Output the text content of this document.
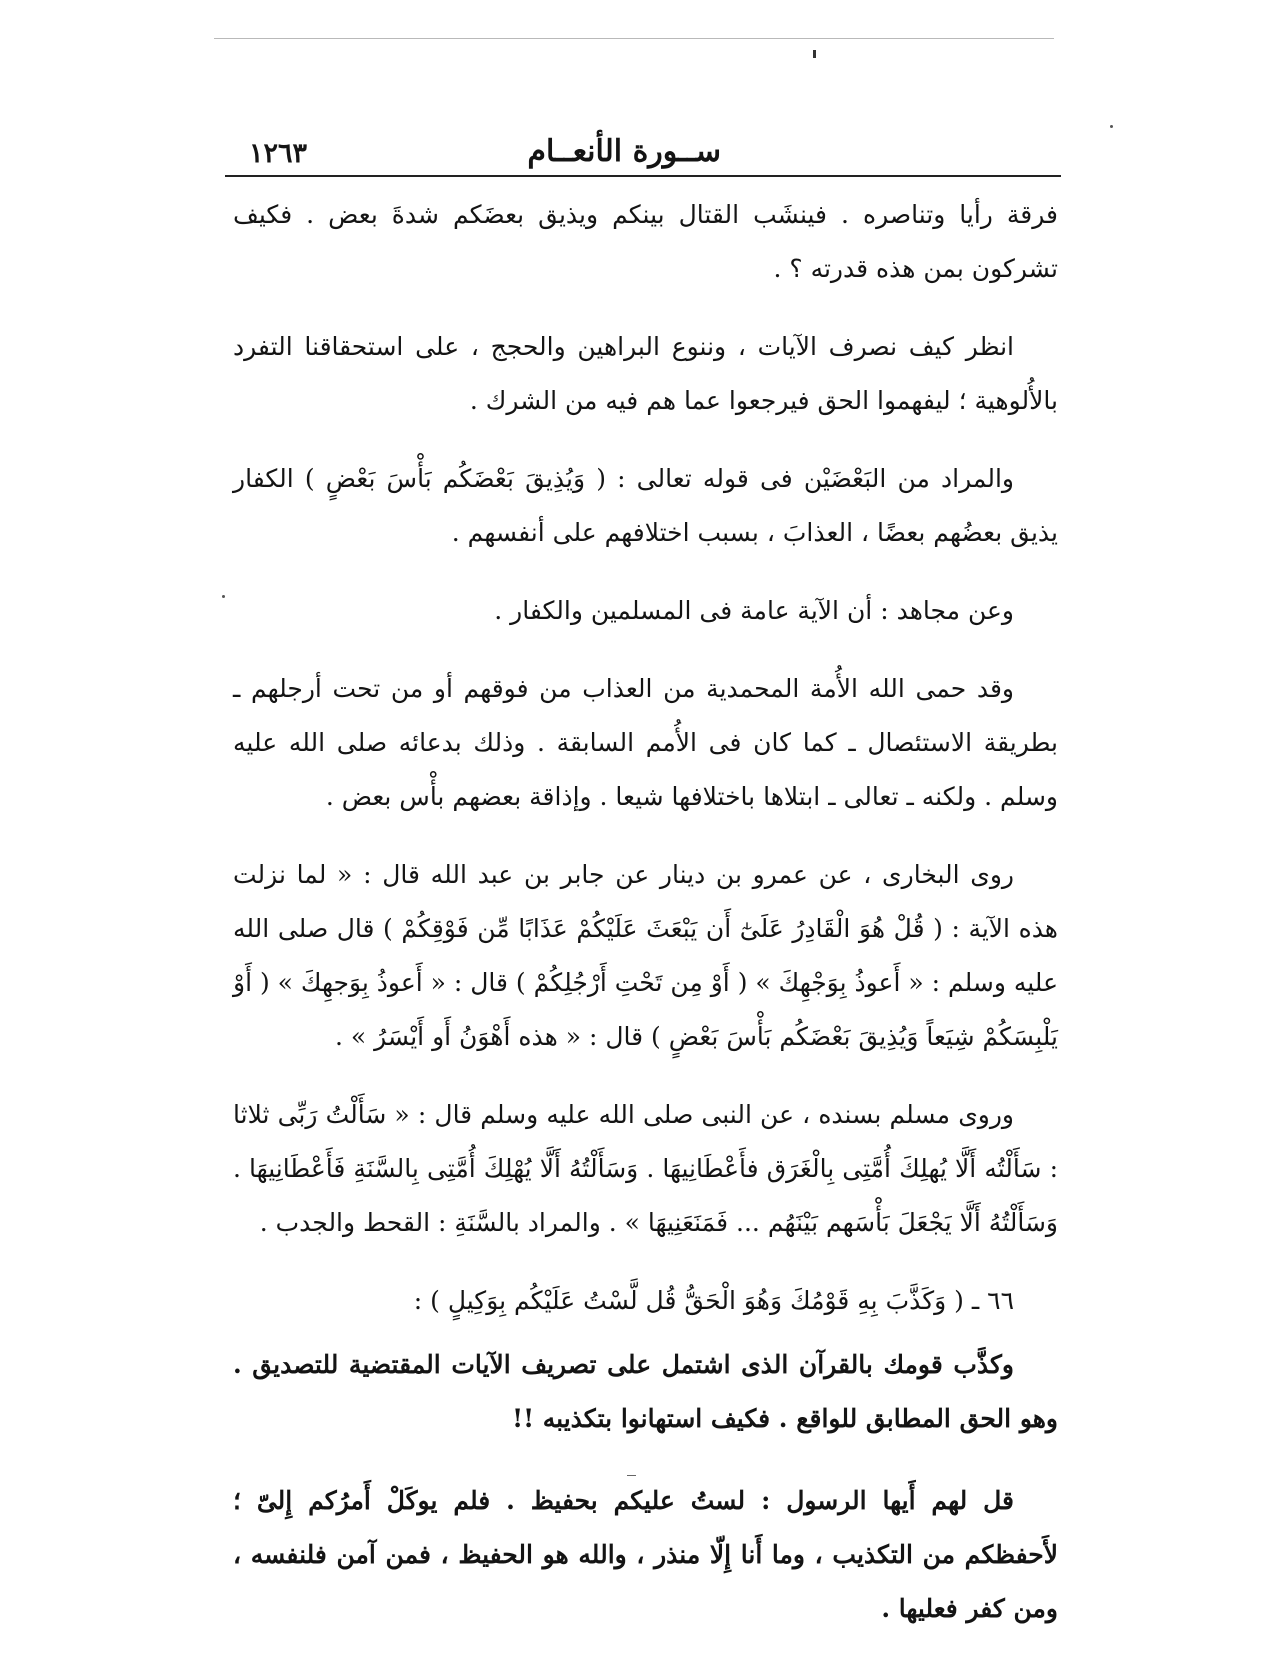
ســورة الأنعــام
١٢٦٣

فرقة رأيا وتناصره . فينشَب القتال بينكم ويذيق بعضَكم شدةَ بعض . فكيف تشركون بمن هذه قدرته ؟ .

انظر كيف نصرف الآيات ، وننوع البراهين والحجج ، على استحقاقنا التفرد بالأُلوهية ؛ ليفهموا الحق فيرجعوا عما هم فيه من الشرك .

والمراد من البَعْضَيْن فى قوله تعالى : ( وَيُذِيقَ بَعْضَكُم بَأْسَ بَعْضٍ ) الكفار يذيق بعضُهم بعضًا ، العذابَ ، بسبب اختلافهم على أنفسهم .

وعن مجاهد : أن الآية عامة فى المسلمين والكفار .

وقد حمى الله الأُمة المحمدية من العذاب من فوقهم أو من تحت أرجلهم ـ بطريقة الاستئصال ـ كما كان فى الأُمم السابقة . وذلك بدعائه صلى الله عليه وسلم . ولكنه ـ تعالى ـ ابتلاها باختلافها شيعا . وإذاقة بعضهم بأْس بعض .

روى البخارى ، عن عمرو بن دينار عن جابر بن عبد الله قال : « لما نزلت هذه الآية : ( قُلْ هُوَ الْقَادِرُ عَلَىٰٓ أَن يَبْعَثَ عَلَيْكُمْ عَذَابًا مِّن فَوْقِكُمْ ) قال صلى الله عليه وسلم : « أَعوذُ بِوَجْهِكَ » ( أَوْ مِن تَحْتِ أَرْجُلِكُمْ ) قال : « أَعوذُ بِوَجهِكَ » ( أَوْ يَلْبِسَكُمْ شِيَعاً وَيُذِيقَ بَعْضَكُم بَأْسَ بَعْضٍ ) قال : « هذه أَهْوَنُ أَو أَيْسَرُ » .

وروى مسلم بسنده ، عن النبى صلى الله عليه وسلم قال : « سَأَلْتُ رَبِّى ثلاثا : سَأَلْتُه أَلَّا يُهلِكَ أُمَّتِى بِالْغَرَق فأَعْطَانِيهَا . وَسَأَلْتُهُ أَلَّا يُهْلِكَ أُمَّتِى بِالسَّنَةِ فَأَعْطَانِيهَا . وَسَأَلْتُهُ أَلَّا يَجْعَلَ بَأْسَهم بَيْنَهُم ... فَمَنَعَنِيهَا » . والمراد بالسَّنَةِ : القحط والجدب .

٦٦ ـ ( وَكَذَّبَ بِهِ قَوْمُكَ وَهُوَ الْحَقُّ قُل لَّسْتُ عَلَيْكُم بِوَكِيلٍ ) :

وكذَّب قومك بالقرآن الذى اشتمل على تصريف الآيات المقتضية للتصديق . وهو الحق المطابق للواقع . فكيف استهانوا بتكذيبه !!

قل لهم أَيها الرسول : لستُ عليكم بحفيظ . فلم يوكَلْ أَمرُكم إِلىّ ؛ لأَحفظكم من التكذيب ، وما أَنا إِلّا منذر ، والله هو الحفيظ ، فمن آمن فلنفسه ، ومن كفر فعليها .
